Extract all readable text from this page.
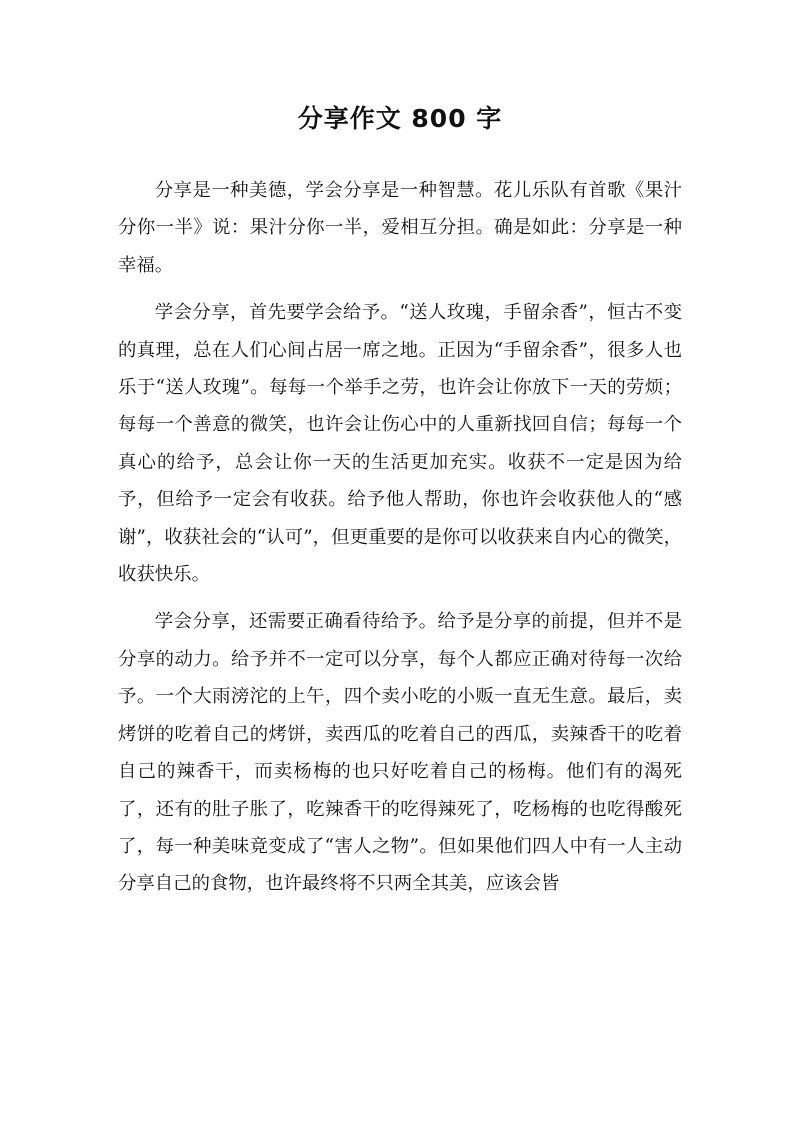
分享作文 800 字

分享是一种美德，学会分享是一种智慧。花儿乐队有首歌《果汁分你一半》说：果汁分你一半，爱相互分担。确是如此：分享是一种幸福。

学会分享，首先要学会给予。“送人玫瑰，手留余香”，恒古不变的真理，总在人们心间占居一席之地。正因为“手留余香”，很多人也乐于“送人玫瑰”。每每一个举手之劳，也许会让你放下一天的劳烦；每每一个善意的微笑，也许会让伤心中的人重新找回自信；每每一个真心的给予，总会让你一天的生活更加充实。收获不一定是因为给予，但给予一定会有收获。给予他人帮助，你也许会收获他人的“感谢”，收获社会的“认可”，但更重要的是你可以收获来自内心的微笑，收获快乐。

学会分享，还需要正确看待给予。给予是分享的前提，但并不是分享的动力。给予并不一定可以分享，每个人都应正确对待每一次给予。一个大雨滂沱的上午，四个卖小吃的小贩一直无生意。最后，卖烤饼的吃着自己的烤饼，卖西瓜的吃着自己的西瓜，卖辣香干的吃着自己的辣香干，而卖杨梅的也只好吃着自己的杨梅。他们有的渴死了，还有的肚子胀了，吃辣香干的吃得辣死了，吃杨梅的也吃得酸死了，每一种美味竟变成了“害人之物”。但如果他们四人中有一人主动分享自己的食物，也许最终将不只两全其美，应该会皆
